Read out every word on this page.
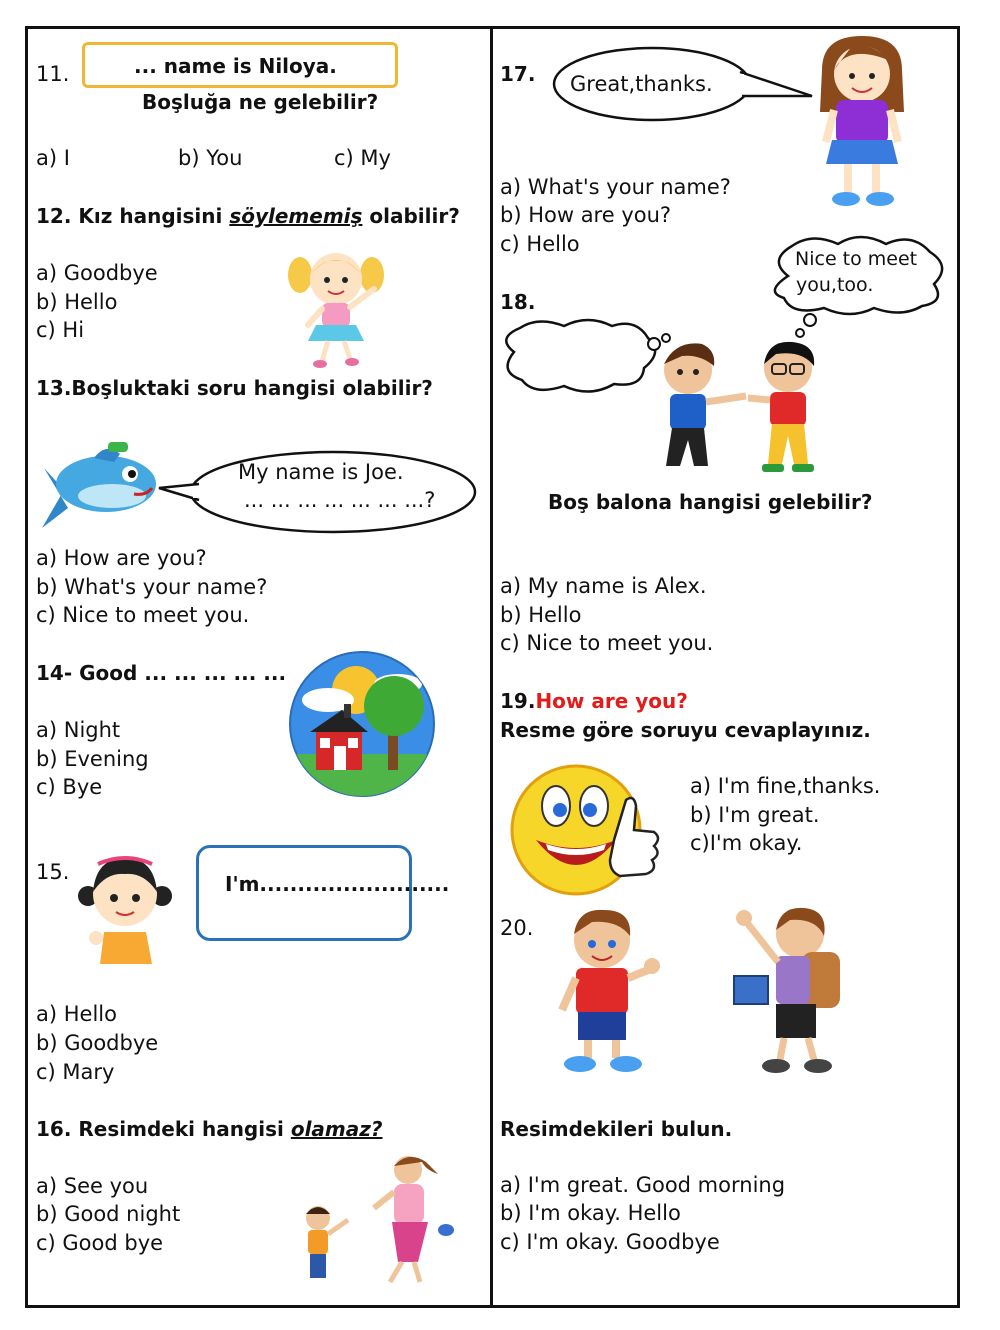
11.	... name is Niloya.
Boşluğa ne gelebilir?
a) I	b) You	c) My
12. Kız hangisini söylememiş olabilir?
a) Goodbye
b) Hello
c) Hi
13.Boşluktaki soru hangisi olabilir?
My name is Joe.
... ... ... ... ... ... ...?
a) How are you?
b) What's your name?
c) Nice to meet you.
14- Good ... ... ... ... ...
a) Night
b) Evening
c) Bye
15.	I'm.........................
a) Hello
b) Goodbye
c) Mary
16. Resimdeki hangisi olamaz?
a) See you
b) Good night
c) Good bye
17. Great,thanks.
a) What's your name?
b) How are you?
c) Hello
18.
Nice to meet
you,too.
Boş balona hangisi gelebilir?
a) My name is Alex.
b) Hello
c) Nice to meet you.
19.How are you?
Resme göre soruyu cevaplayınız.
a) I'm fine,thanks.
b) I'm great.
c)I'm okay.
20.
Resimdekileri bulun.
a) I'm great. Good morning
b) I'm okay. Hello
c) I'm okay. Goodbye
